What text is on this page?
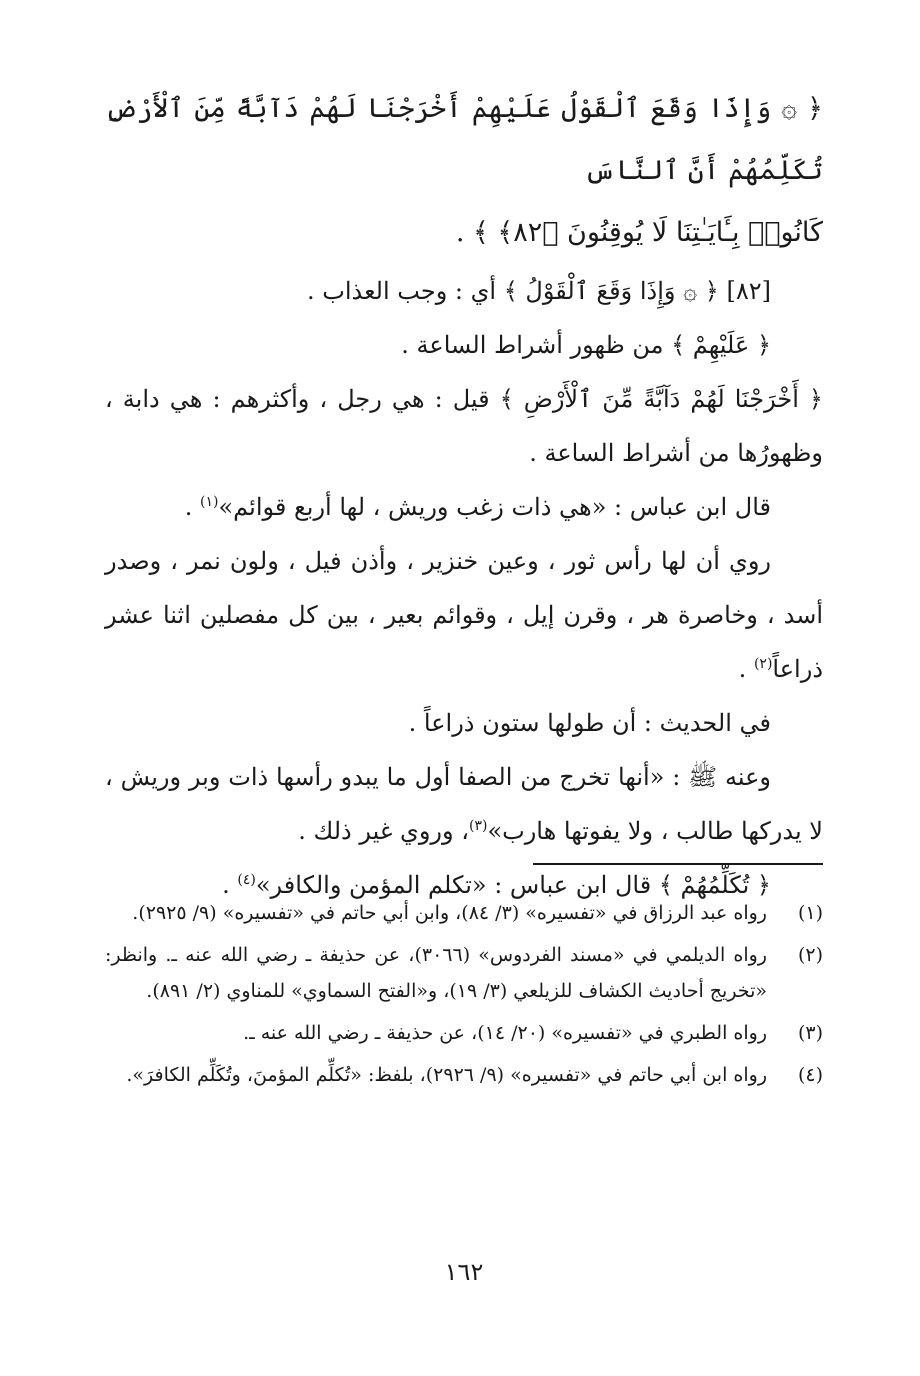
﴿ ۞ وَإِذَا وَقَعَ ٱلْقَوْلُ عَلَيْهِمْ أَخْرَجْنَا لَهُمْ دَآبَّةً مِّنَ ٱلْأَرْضِ تُكَلِّمُهُمْ أَنَّ ٱلنَّاسَ

كَانُوا۟ بِـَٔايَـٰتِنَا لَا يُوقِنُونَ ﴿٨٢﴾ ﴾ .

[٨٢] ﴿ ۞ وَإِذَا وَقَعَ ٱلْقَوْلُ ﴾ أي : وجب العذاب .

﴿ عَلَيْهِمْ ﴾ من ظهور أشراط الساعة .

﴿ أَخْرَجْنَا لَهُمْ دَآبَّةً مِّنَ ٱلْأَرْضِ ﴾ قيل : هي رجل ، وأكثرهم : هي دابة ، وظهورُها من أشراط الساعة .

قال ابن عباس : «هي ذات زغب وريش ، لها أربع قوائم»$^{(١)}$ .

روي أن لها رأس ثور ، وعين خنزير ، وأذن فيل ، ولون نمر ، وصدر أسد ، وخاصرة هر ، وقرن إيل ، وقوائم بعير ، بين كل مفصلين اثنا عشر ذراعاً$^{(٢)}$ .

في الحديث : أن طولها ستون ذراعاً .

وعنه ﷺ : «أنها تخرج من الصفا أول ما يبدو رأسها ذات وبر وريش ، لا يدركها طالب ، ولا يفوتها هارب»$^{(٣)}$، وروي غير ذلك .

﴿ تُكَلِّمُهُمْ ﴾ قال ابن عباس : «تكلم المؤمن والكافر»$^{(٤)}$ .

(١)
رواه عبد الرزاق في «تفسيره» (٣/ ٨٤)، وابن أبي حاتم في «تفسيره» (٩/ ٢٩٢٥).
(٢)
رواه الديلمي في «مسند الفردوس» (٣٠٦٦)، عن حذيفة ـ رضي الله عنه ـ. وانظر: «تخريج أحاديث الكشاف للزيلعي (٣/ ١٩)، و«الفتح السماوي» للمناوي (٢/ ٨٩١).
(٣)
رواه الطبري في «تفسيره» (٢٠/ ١٤)، عن حذيفة ـ رضي الله عنه ـ.
(٤)
رواه ابن أبي حاتم في «تفسيره» (٩/ ٢٩٢٦)، بلفظ: «تُكلِّم المؤمنَ، وتُكَلِّم الكافرَ».
١٦٢
